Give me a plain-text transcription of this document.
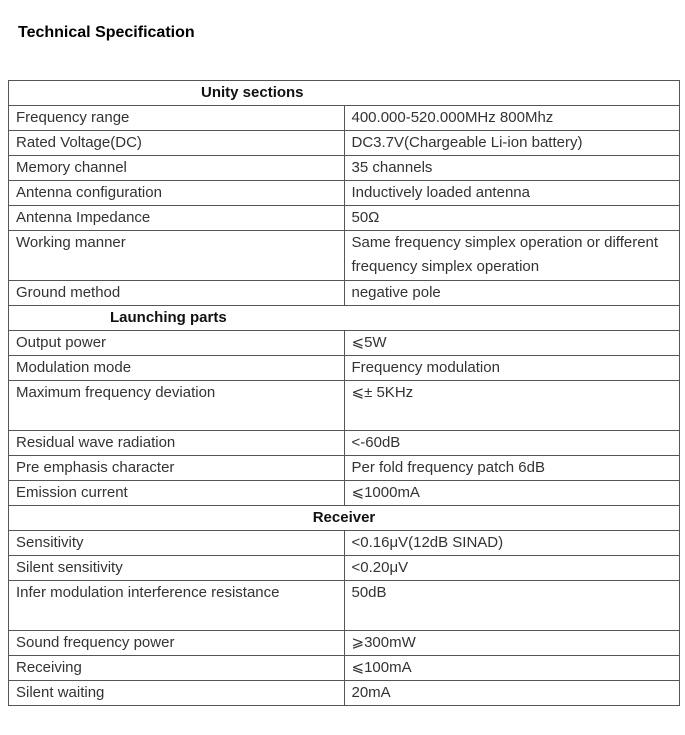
Technical Specification
Unity sections	
Frequency range	400.000-520.000MHz 800Mhz
Rated Voltage(DC)	DC3.7V(Chargeable Li-ion battery)
Memory channel	35 channels
Antenna configuration	Inductively loaded antenna
Antenna Impedance	50Ω
Working manner	Same frequency simplex operation or different frequency simplex operation
Ground method	negative pole
Launching parts	
Output power	⩽5W
Modulation mode	Frequency modulation
Maximum frequency deviation	⩽± 5KHz
Residual wave radiation	<-60dB
Pre emphasis character	Per fold frequency patch 6dB
Emission current	⩽1000mA
Receiver	
Sensitivity	<0.16μV(12dB SINAD)
Silent sensitivity	<0.20μV
Infer modulation interference resistance	50dB
Sound frequency power	⩾300mW
Receiving	⩽100mA
Silent waiting	20mA
